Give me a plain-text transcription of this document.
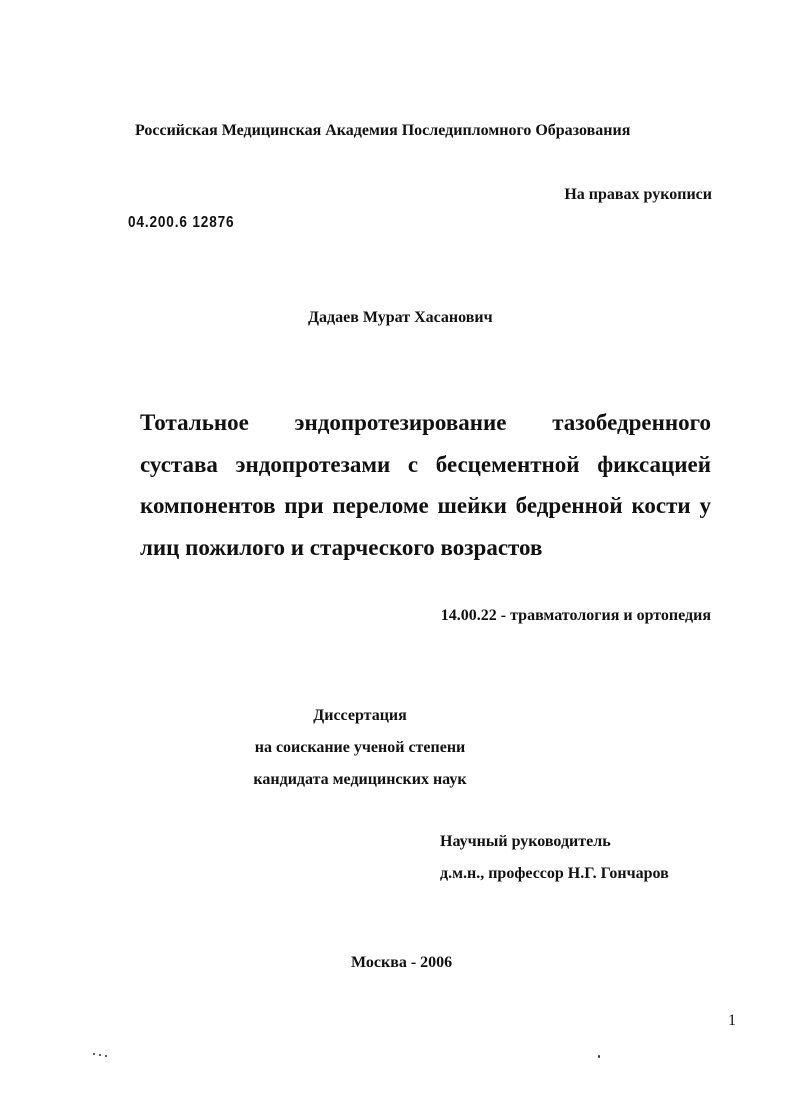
Российская Медицинская Академия Последипломного Образования
На правах рукописи
04.200.6 12876
Дадаев Мурат Хасанович
Тотальное эндопротезирование тазобедренного
сустава эндопротезами с бесцементной фиксацией
компонентов при переломе шейки бедренной кости у
лиц пожилого и старческого возрастов
14.00.22 - травматология и ортопедия
Диссертация
на соискание ученой степени
кандидата медицинских наук
Научный руководитель
д.м.н., профессор Н.Г. Гончаров
Москва - 2006
1
